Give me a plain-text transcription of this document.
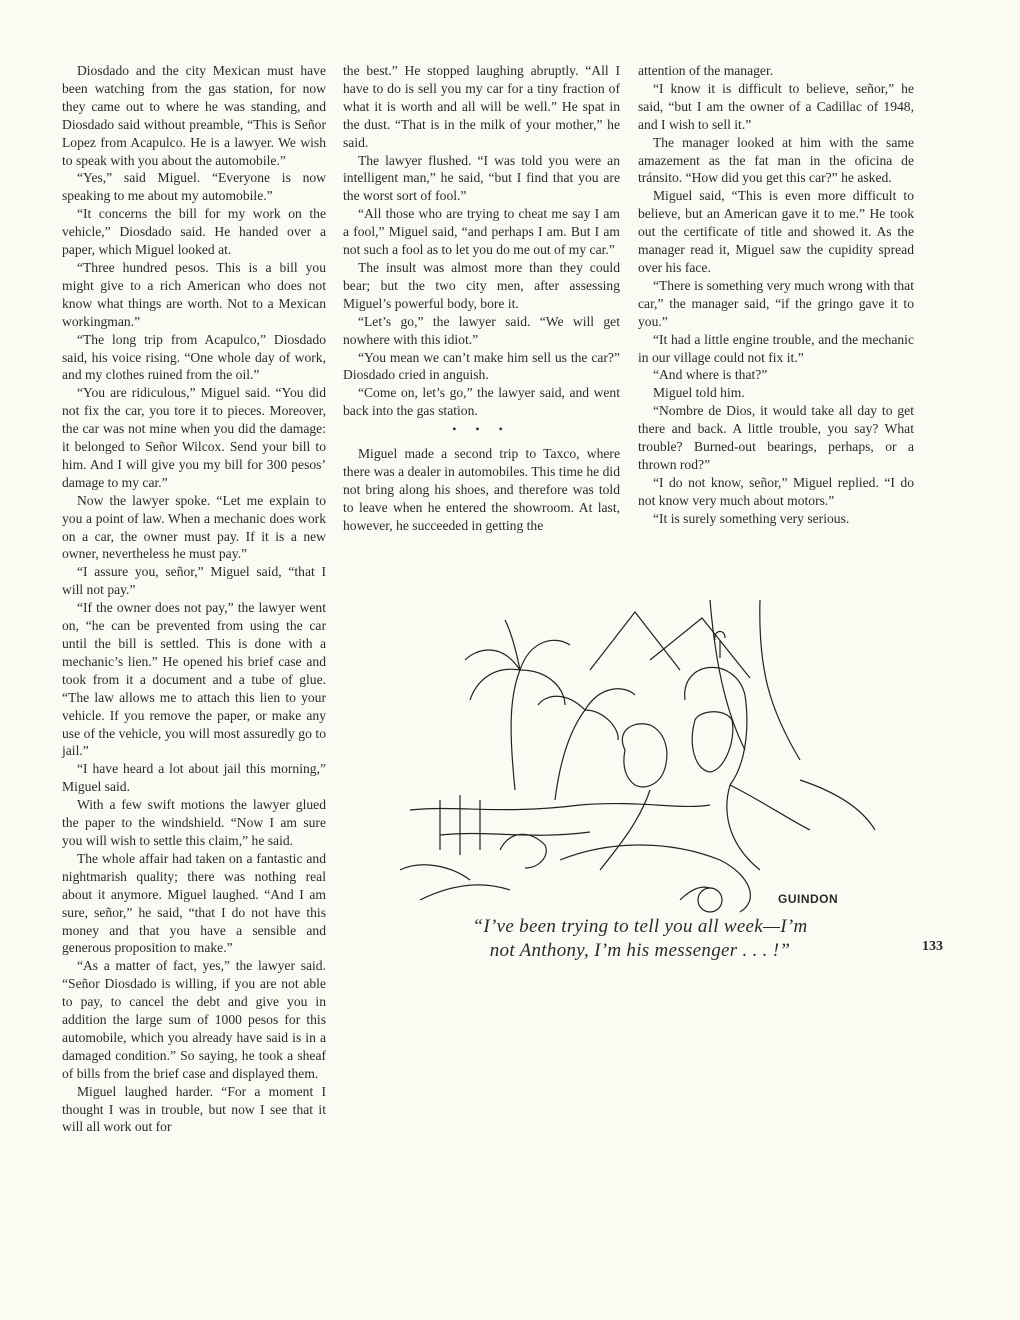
Diosdado and the city Mexican must have been watching from the gas station, for now they came out to where he was standing, and Diosdado said without preamble, “This is Señor Lopez from Acapulco. He is a lawyer. We wish to speak with you about the automobile.”

“Yes,” said Miguel. “Everyone is now speaking to me about my automobile.”

“It concerns the bill for my work on the vehicle,” Diosdado said. He handed over a paper, which Miguel looked at.

“Three hundred pesos. This is a bill you might give to a rich American who does not know what things are worth. Not to a Mexican workingman.”

“The long trip from Acapulco,” Diosdado said, his voice rising. “One whole day of work, and my clothes ruined from the oil.”

“You are ridiculous,” Miguel said. “You did not fix the car, you tore it to pieces. Moreover, the car was not mine when you did the damage: it belonged to Señor Wilcox. Send your bill to him. And I will give you my bill for 300 pesos’ damage to my car.”

Now the lawyer spoke. “Let me explain to you a point of law. When a mechanic does work on a car, the owner must pay. If it is a new owner, nevertheless he must pay.”

“I assure you, señor,” Miguel said, “that I will not pay.”

“If the owner does not pay,” the lawyer went on, “he can be prevented from using the car until the bill is settled. This is done with a mechanic’s lien.” He opened his brief case and took from it a document and a tube of glue. “The law allows me to attach this lien to your vehicle. If you remove the paper, or make any use of the vehicle, you will most assuredly go to jail.”

“I have heard a lot about jail this morning,” Miguel said.

With a few swift motions the lawyer glued the paper to the windshield. “Now I am sure you will wish to settle this claim,” he said.

The whole affair had taken on a fantastic and nightmarish quality; there was nothing real about it anymore. Miguel laughed. “And I am sure, señor,” he said, “that I do not have this money and that you have a sensible and generous proposition to make.”

“As a matter of fact, yes,” the lawyer said. “Señor Diosdado is willing, if you are not able to pay, to cancel the debt and give you in addition the large sum of 1000 pesos for this automobile, which you already have said is in a damaged condition.” So saying, he took a sheaf of bills from the brief case and displayed them.

Miguel laughed harder. “For a moment I thought I was in trouble, but now I see that it will all work out for

the best.” He stopped laughing abruptly. “All I have to do is sell you my car for a tiny fraction of what it is worth and all will be well.” He spat in the dust. “That is in the milk of your mother,” he said.

The lawyer flushed. “I was told you were an intelligent man,” he said, “but I find that you are the worst sort of fool.”

“All those who are trying to cheat me say I am a fool,” Miguel said, “and perhaps I am. But I am not such a fool as to let you do me out of my car.”

The insult was almost more than they could bear; but the two city men, after assessing Miguel’s powerful body, bore it.

“Let’s go,” the lawyer said. “We will get nowhere with this idiot.”

“You mean we can’t make him sell us the car?” Diosdado cried in anguish.

“Come on, let’s go,” the lawyer said, and went back into the gas station.

• • •

Miguel made a second trip to Taxco, where there was a dealer in automobiles. This time he did not bring along his shoes, and therefore was told to leave when he entered the showroom. At last, however, he succeeded in getting the

attention of the manager.

“I know it is difficult to believe, señor,” he said, “but I am the owner of a Cadillac of 1948, and I wish to sell it.”

The manager looked at him with the same amazement as the fat man in the oficina de tránsito. “How did you get this car?” he asked.

Miguel said, “This is even more difficult to believe, but an American gave it to me.” He took out the certificate of title and showed it. As the manager read it, Miguel saw the cupidity spread over his face.

“There is something very much wrong with that car,” the manager said, “if the gringo gave it to you.”

“It had a little engine trouble, and the mechanic in our village could not fix it.”

“And where is that?”

Miguel told him.

“Nombre de Dios, it would take all day to get there and back. A little trouble, you say? What trouble? Burned-out bearings, perhaps, or a thrown rod?”

“I do not know, señor,” Miguel replied. “I do not know very much about motors.”

“It is surely something very serious.

GUINDON
“I’ve been trying to tell you all week—I’m
not Anthony, I’m his messenger . . . !”	133
